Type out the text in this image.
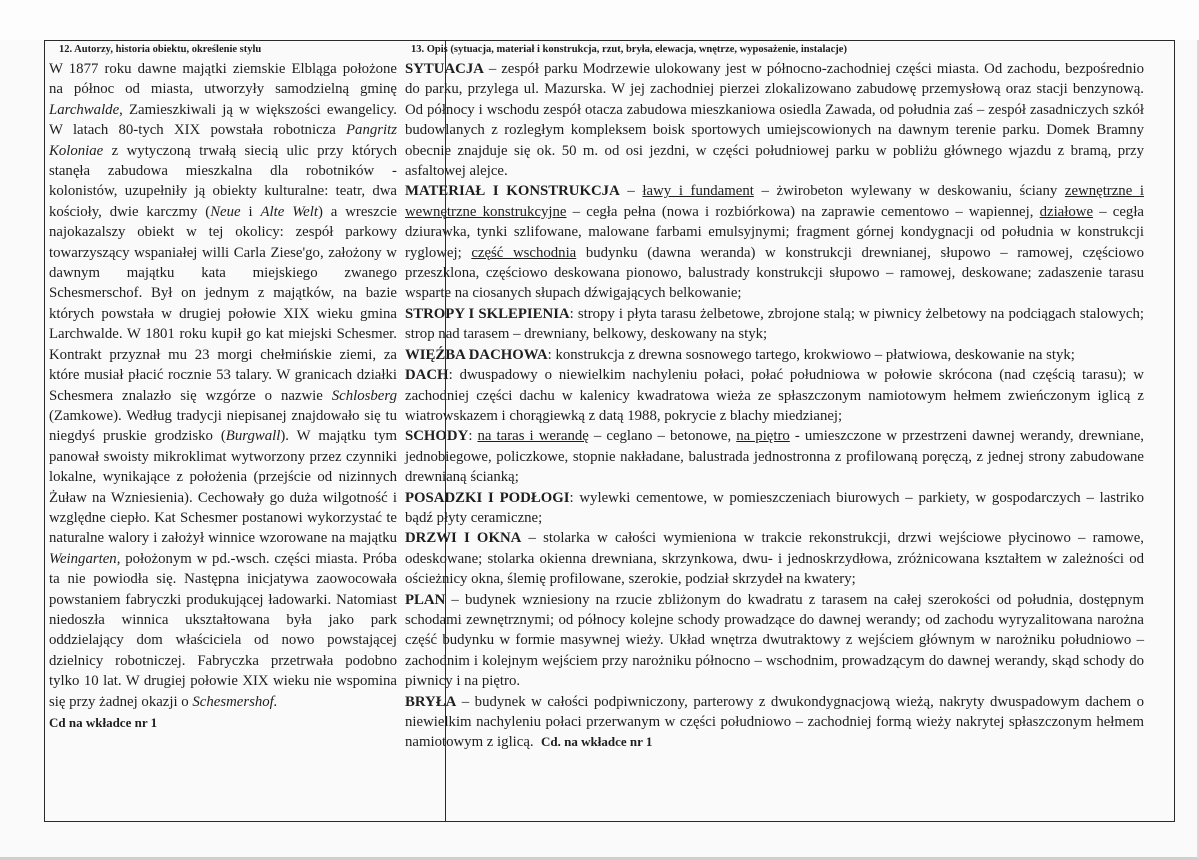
12. Autorzy, historia obiektu, określenie stylu	13. Opis (sytuacja, materiał i konstrukcja, rzut, bryła, elewacja, wnętrze, wyposażenie, instalacje)

W 1877 roku dawne majątki ziemskie Elbląga położone na północ od miasta, utworzyły samodzielną gminę Larchwalde, Zamieszkiwali ją w większości ewangelicy. W latach 80-tych XIX powstała robotnicza Pangritz Koloniae z wytyczoną trwałą siecią ulic przy których stanęła zabudowa mieszkalna dla robotników - kolonistów, uzupełniły ją obiekty kulturalne: teatr, dwa kościoły, dwie karczmy (Neue i Alte Welt) a wreszcie najokazalszy obiekt w tej okolicy: zespół parkowy towarzyszący wspaniałej willi Carla Ziese'go, założony w dawnym majątku kata miejskiego zwanego Schesmerschof. Był on jednym z majątków, na bazie których powstała w drugiej połowie XIX wieku gmina Larchwalde. W 1801 roku kupił go kat miejski Schesmer. Kontrakt przyznał mu 23 morgi chełmińskie ziemi, za które musiał płacić rocznie 53 talary. W granicach działki Schesmera znalazło się wzgórze o nazwie Schlosberg (Zamkowe). Według tradycji niepisanej znajdowało się tu niegdyś pruskie grodzisko (Burgwall). W majątku tym panował swoisty mikroklimat wytworzony przez czynniki lokalne, wynikające z położenia (przejście od nizinnych Żuław na Wzniesienia). Cechowały go duża wilgotność i względne ciepło. Kat Schesmer postanowi wykorzystać te naturalne walory i założył winnice wzorowane na majątku Weingarten, położonym w pd.-wsch. części miasta. Próba ta nie powiodła się. Następna inicjatywa zaowocowała powstaniem fabryczki produkującej ładowarki. Natomiast niedoszła winnica ukształtowana była jako park oddzielający dom właściciela od nowo powstającej dzielnicy robotniczej. Fabryczka przetrwała podobno tylko 10 lat. W drugiej połowie XIX wieku nie wspomina się przy żadnej okazji o Schesmershof.

Cd na wkładce nr 1

SYTUACJA – zespół parku Modrzewie ulokowany jest w północno-zachodniej części miasta. Od zachodu, bezpośrednio do parku, przylega ul. Mazurska. W jej zachodniej pierzei zlokalizowano zabudowę przemysłową oraz stacji benzynową. Od północy i wschodu zespół otacza zabudowa mieszkaniowa osiedla Zawada, od południa zaś – zespół zasadniczych szkół budowlanych z rozległym kompleksem boisk sportowych umiejscowionych na dawnym terenie parku. Domek Bramny obecnie znajduje się ok. 50 m. od osi jezdni, w części południowej parku w pobliżu głównego wjazdu z bramą, przy asfaltowej alejce.

MATERIAŁ I KONSTRUKCJA – ławy i fundament – żwirobeton wylewany w deskowaniu, ściany zewnętrzne i wewnętrzne konstrukcyjne – cegła pełna (nowa i rozbiórkowa) na zaprawie cementowo – wapiennej, działowe – cegła dziurawka, tynki szlifowane, malowane farbami emulsyjnymi; fragment górnej kondygnacji od południa w konstrukcji ryglowej; część wschodnia budynku (dawna weranda) w konstrukcji drewnianej, słupowo – ramowej, częściowo przeszklona, częściowo deskowana pionowo, balustrady konstrukcji słupowo – ramowej, deskowane; zadaszenie tarasu wsparte na ciosanych słupach dźwigających belkowanie;

STROPY I SKLEPIENIA: stropy i płyta tarasu żelbetowe, zbrojone stalą; w piwnicy żelbetowy na podciągach stalowych; strop nad tarasem – drewniany, belkowy, deskowany na styk;

WIĘŹBA DACHOWA: konstrukcja z drewna sosnowego tartego, krokwiowo – płatwiowa, deskowanie na styk;

DACH: dwuspadowy o niewielkim nachyleniu połaci, połać południowa w połowie skrócona (nad częścią tarasu); w zachodniej części dachu w kalenicy kwadratowa wieża ze spłaszczonym namiotowym hełmem zwieńczonym iglicą z wiatrowskazem i chorągiewką z datą 1988, pokrycie z blachy miedzianej;

SCHODY: na taras i werandę – ceglano – betonowe, na piętro - umieszczone w przestrzeni dawnej werandy, drewniane, jednobiegowe, policzkowe, stopnie nakładane, balustrada jednostronna z profilowaną poręczą, z jednej strony zabudowane drewnianą ścianką;

POSADZKI I PODŁOGI: wylewki cementowe, w pomieszczeniach biurowych – parkiety, w gospodarczych – lastriko bądź płyty ceramiczne;

DRZWI I OKNA – stolarka w całości wymieniona w trakcie rekonstrukcji, drzwi wejściowe płycinowo – ramowe, odeskowane; stolarka okienna drewniana, skrzynkowa, dwu- i jednoskrzydłowa, zróżnicowana kształtem w zależności od ościeżnicy okna, ślemię profilowane, szerokie, podział skrzydeł na kwatery;

PLAN – budynek wzniesiony na rzucie zbliżonym do kwadratu z tarasem na całej szerokości od południa, dostępnym schodami zewnętrznymi; od północy kolejne schody prowadzące do dawnej werandy; od zachodu wyryzalitowana narożna część budynku w formie masywnej wieży. Układ wnętrza dwutraktowy z wejściem głównym w narożniku południowo – zachodnim i kolejnym wejściem przy narożniku północno – wschodnim, prowadzącym do dawnej werandy, skąd schody do piwnicy i na piętro.

BRYŁA – budynek w całości podpiwniczony, parterowy z dwukondygnacjową wieżą, nakryty dwuspadowym dachem o niewielkim nachyleniu połaci przerwanym w części południowo – zachodniej formą wieży nakrytej spłaszczonym hełmem namiotowym z iglicą. Cd. na wkładce nr 1
